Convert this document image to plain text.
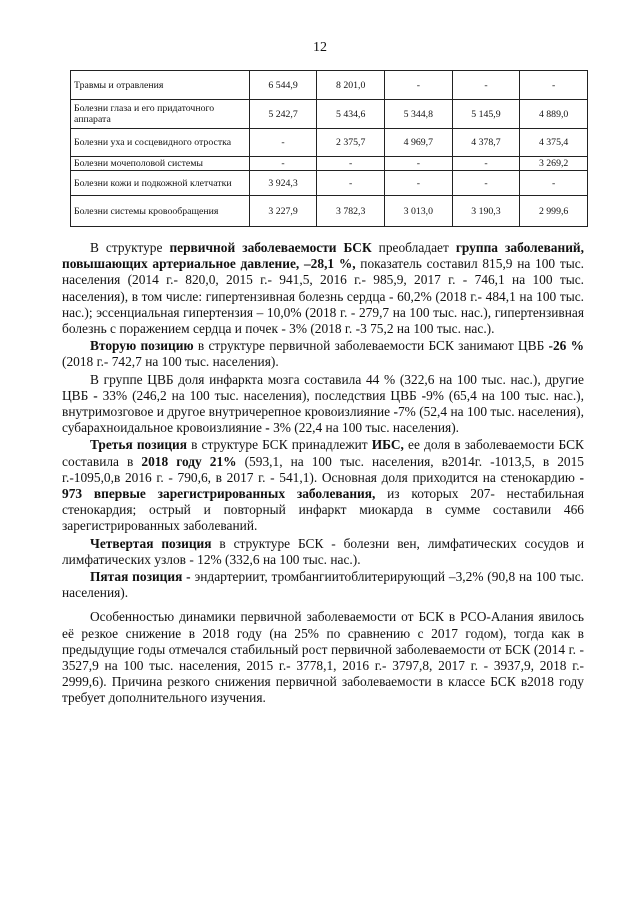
12
Травмы и отравления	6 544,9	8 201,0	-	-	-
Болезни глаза и его придаточного аппарата	5 242,7	5 434,6	5 344,8	5 145,9	4 889,0
Болезни уха и сосцевидного отростка	-	2 375,7	4 969,7	4 378,7	4 375,4
Болезни мочеполовой системы	-	-	-	-	3 269,2
Болезни кожи и подкожной клетчатки	3 924,3	-	-	-	-
Болезни системы кровообращения	3 227,9	3 782,3	3 013,0	3 190,3	2 999,6

В структуре первичной заболеваемости БСК преобладает группа заболеваний, повышающих артериальное давление, –28,1 %, показатель составил 815,9 на 100 тыс. населения (2014 г.- 820,0, 2015 г.- 941,5, 2016 г.- 985,9, 2017 г. - 746,1 на 100 тыс. населения), в том числе: гипертензивная болезнь сердца - 60,2% (2018 г.- 484,1 на 100 тыс. нас.); эссенциальная гипертензия – 10,0% (2018 г. - 279,7 на 100 тыс. нас.), гипертензивная болезнь с поражением сердца и почек - 3% (2018 г. -3 75,2 на 100 тыс. нас.).

Вторую позицию в структуре первичной заболеваемости БСК занимают ЦВБ -26 % (2018 г.- 742,7 на 100 тыс. населения).

В группе ЦВБ доля инфаркта мозга составила 44 % (322,6 на 100 тыс. нас.), другие ЦВБ - 33% (246,2 на 100 тыс. населения), последствия ЦВБ -9% (65,4 на 100 тыс. нас.), внутримозговое и другое внутричерепное кровоизлияние -7% (52,4 на 100 тыс. населения), субарахноидальное кровоизлияние - 3% (22,4 на 100 тыс. населения).

Третья позиция в структуре БСК принадлежит ИБС, ее доля в заболеваемости БСК составила в 2018 году 21% (593,1, на 100 тыс. населения, в2014г. -1013,5, в 2015 г.-1095,0,в 2016 г. - 790,6, в 2017 г. - 541,1). Основная доля приходится на стенокардию - 973 впервые зарегистрированных заболевания, из которых 207- нестабильная стенокардия; острый и повторный инфаркт миокарда в сумме составили 466 зарегистрированных заболеваний.

Четвертая позиция в структуре БСК - болезни вен, лимфатических сосудов и лимфатических узлов - 12% (332,6 на 100 тыс. нас.).

Пятая позиция - эндартериит, тромбангиитоблитерирующий –3,2% (90,8 на 100 тыс. населения).

Особенностью динамики первичной заболеваемости от БСК в РСО-Алания явилось её резкое снижение в 2018 году (на 25% по сравнению с 2017 годом), тогда как в предыдущие годы отмечался стабильный рост первичной заболеваемости от БСК (2014 г. - 3527,9 на 100 тыс. населения, 2015 г.- 3778,1, 2016 г.- 3797,8, 2017 г. - 3937,9, 2018 г.- 2999,6). Причина резкого снижения первичной заболеваемости в классе БСК в2018 году требует дополнительного изучения.
